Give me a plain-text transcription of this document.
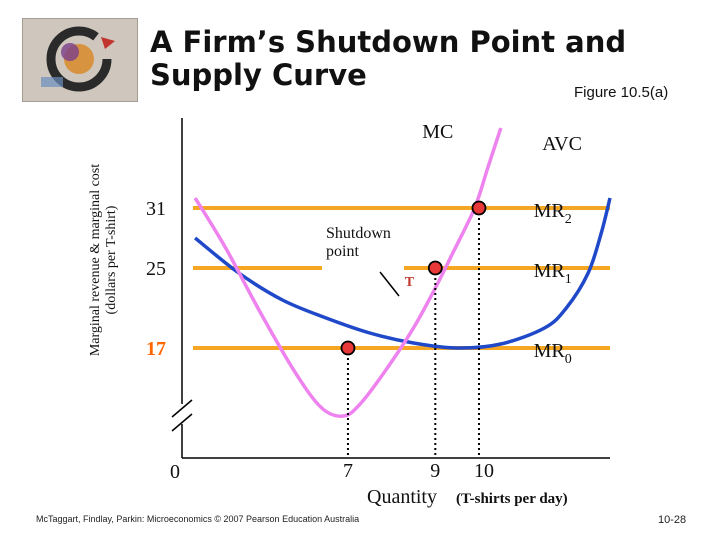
A Firm’s Shutdown Point and
Supply Curve
Figure 10.5(a)
Marginal revenue & marginal cost
(dollars per T-shirt) 31
25
17
0	7	9 10
Quantity (T-shirts per day)
MC
AVC
$MR_2$
$MR_1$
$MR_0$
Shutdown
point
T
McTaggart, Findlay, Parkin: Microeconomics © 2007 Pearson Education Australia	10-28
